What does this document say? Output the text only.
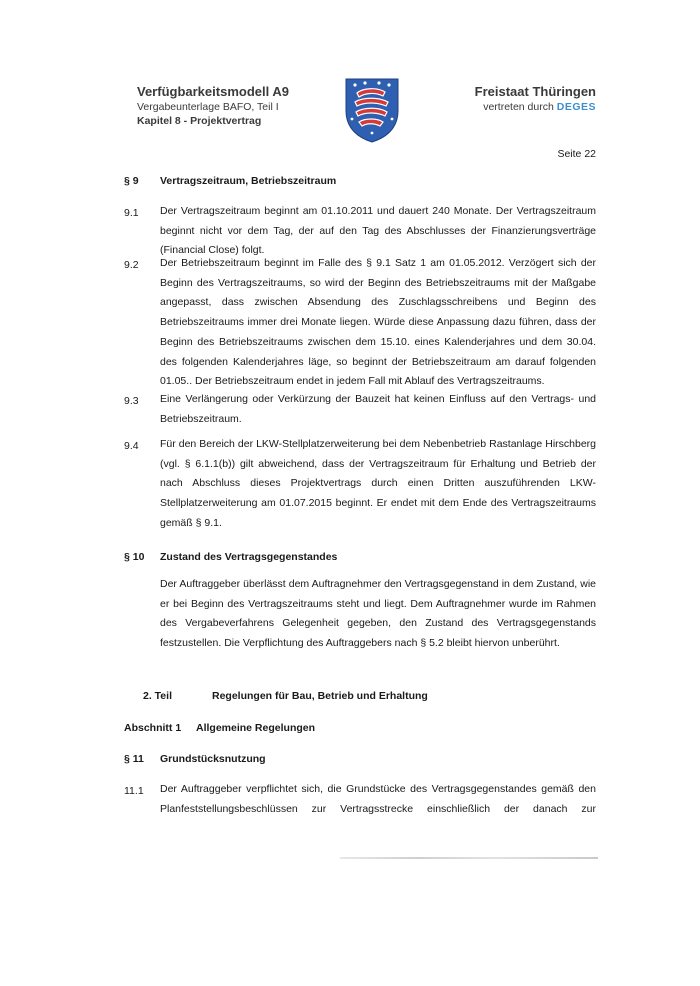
Verfügbarkeitsmodell A9
Vergabeunterlage BAFO, Teil I
Kapitel 8 - Projektvertrag
Freistaat Thüringen
vertreten durch DEGES
Seite 22
§ 9 Vertragszeitraum, Betriebszeitraum
9.1 Der Vertragszeitraum beginnt am 01.10.2011 und dauert 240 Monate. Der Vertragszeitraum beginnt nicht vor dem Tag, der auf den Tag des Abschlusses der Finanzierungsverträge (Financial Close) folgt.
9.2 Der Betriebszeitraum beginnt im Falle des § 9.1 Satz 1 am 01.05.2012. Verzögert sich der Beginn des Vertragszeitraums, so wird der Beginn des Betriebszeitraums mit der Maßgabe angepasst, dass zwischen Absendung des Zuschlagsschreibens und Beginn des Betriebszeitraums immer drei Monate liegen. Würde diese Anpassung dazu führen, dass der Beginn des Betriebszeitraums zwischen dem 15.10. eines Kalenderjahres und dem 30.04. des folgenden Kalenderjahres läge, so beginnt der Betriebszeitraum am darauf folgenden 01.05.. Der Betriebszeitraum endet in jedem Fall mit Ablauf des Vertragszeitraums.
9.3 Eine Verlängerung oder Verkürzung der Bauzeit hat keinen Einfluss auf den Vertrags- und Betriebszeitraum.
9.4 Für den Bereich der LKW-Stellplatzerweiterung bei dem Nebenbetrieb Rastanlage Hirschberg (vgl. § 6.1.1(b)) gilt abweichend, dass der Vertragszeitraum für Erhaltung und Betrieb der nach Abschluss dieses Projektvertrags durch einen Dritten auszuführenden LKW-Stellplatzerweiterung am 01.07.2015 beginnt. Er endet mit dem Ende des Vertragszeitraums gemäß § 9.1.
§ 10 Zustand des Vertragsgegenstandes
Der Auftraggeber überlässt dem Auftragnehmer den Vertragsgegenstand in dem Zustand, wie er bei Beginn des Vertragszeitraums steht und liegt. Dem Auftragnehmer wurde im Rahmen des Vergabeverfahrens Gelegenheit gegeben, den Zustand des Vertragsgegenstands festzustellen. Die Verpflichtung des Auftraggebers nach § 5.2 bleibt hiervon unberührt.
2. Teil	Regelungen für Bau, Betrieb und Erhaltung
Abschnitt 1 Allgemeine Regelungen
§ 11 Grundstücksnutzung
11.1 Der Auftraggeber verpflichtet sich, die Grundstücke des Vertragsgegenstandes gemäß den Planfeststellungsbeschlüssen zur Vertragsstrecke einschließlich der danach zur
